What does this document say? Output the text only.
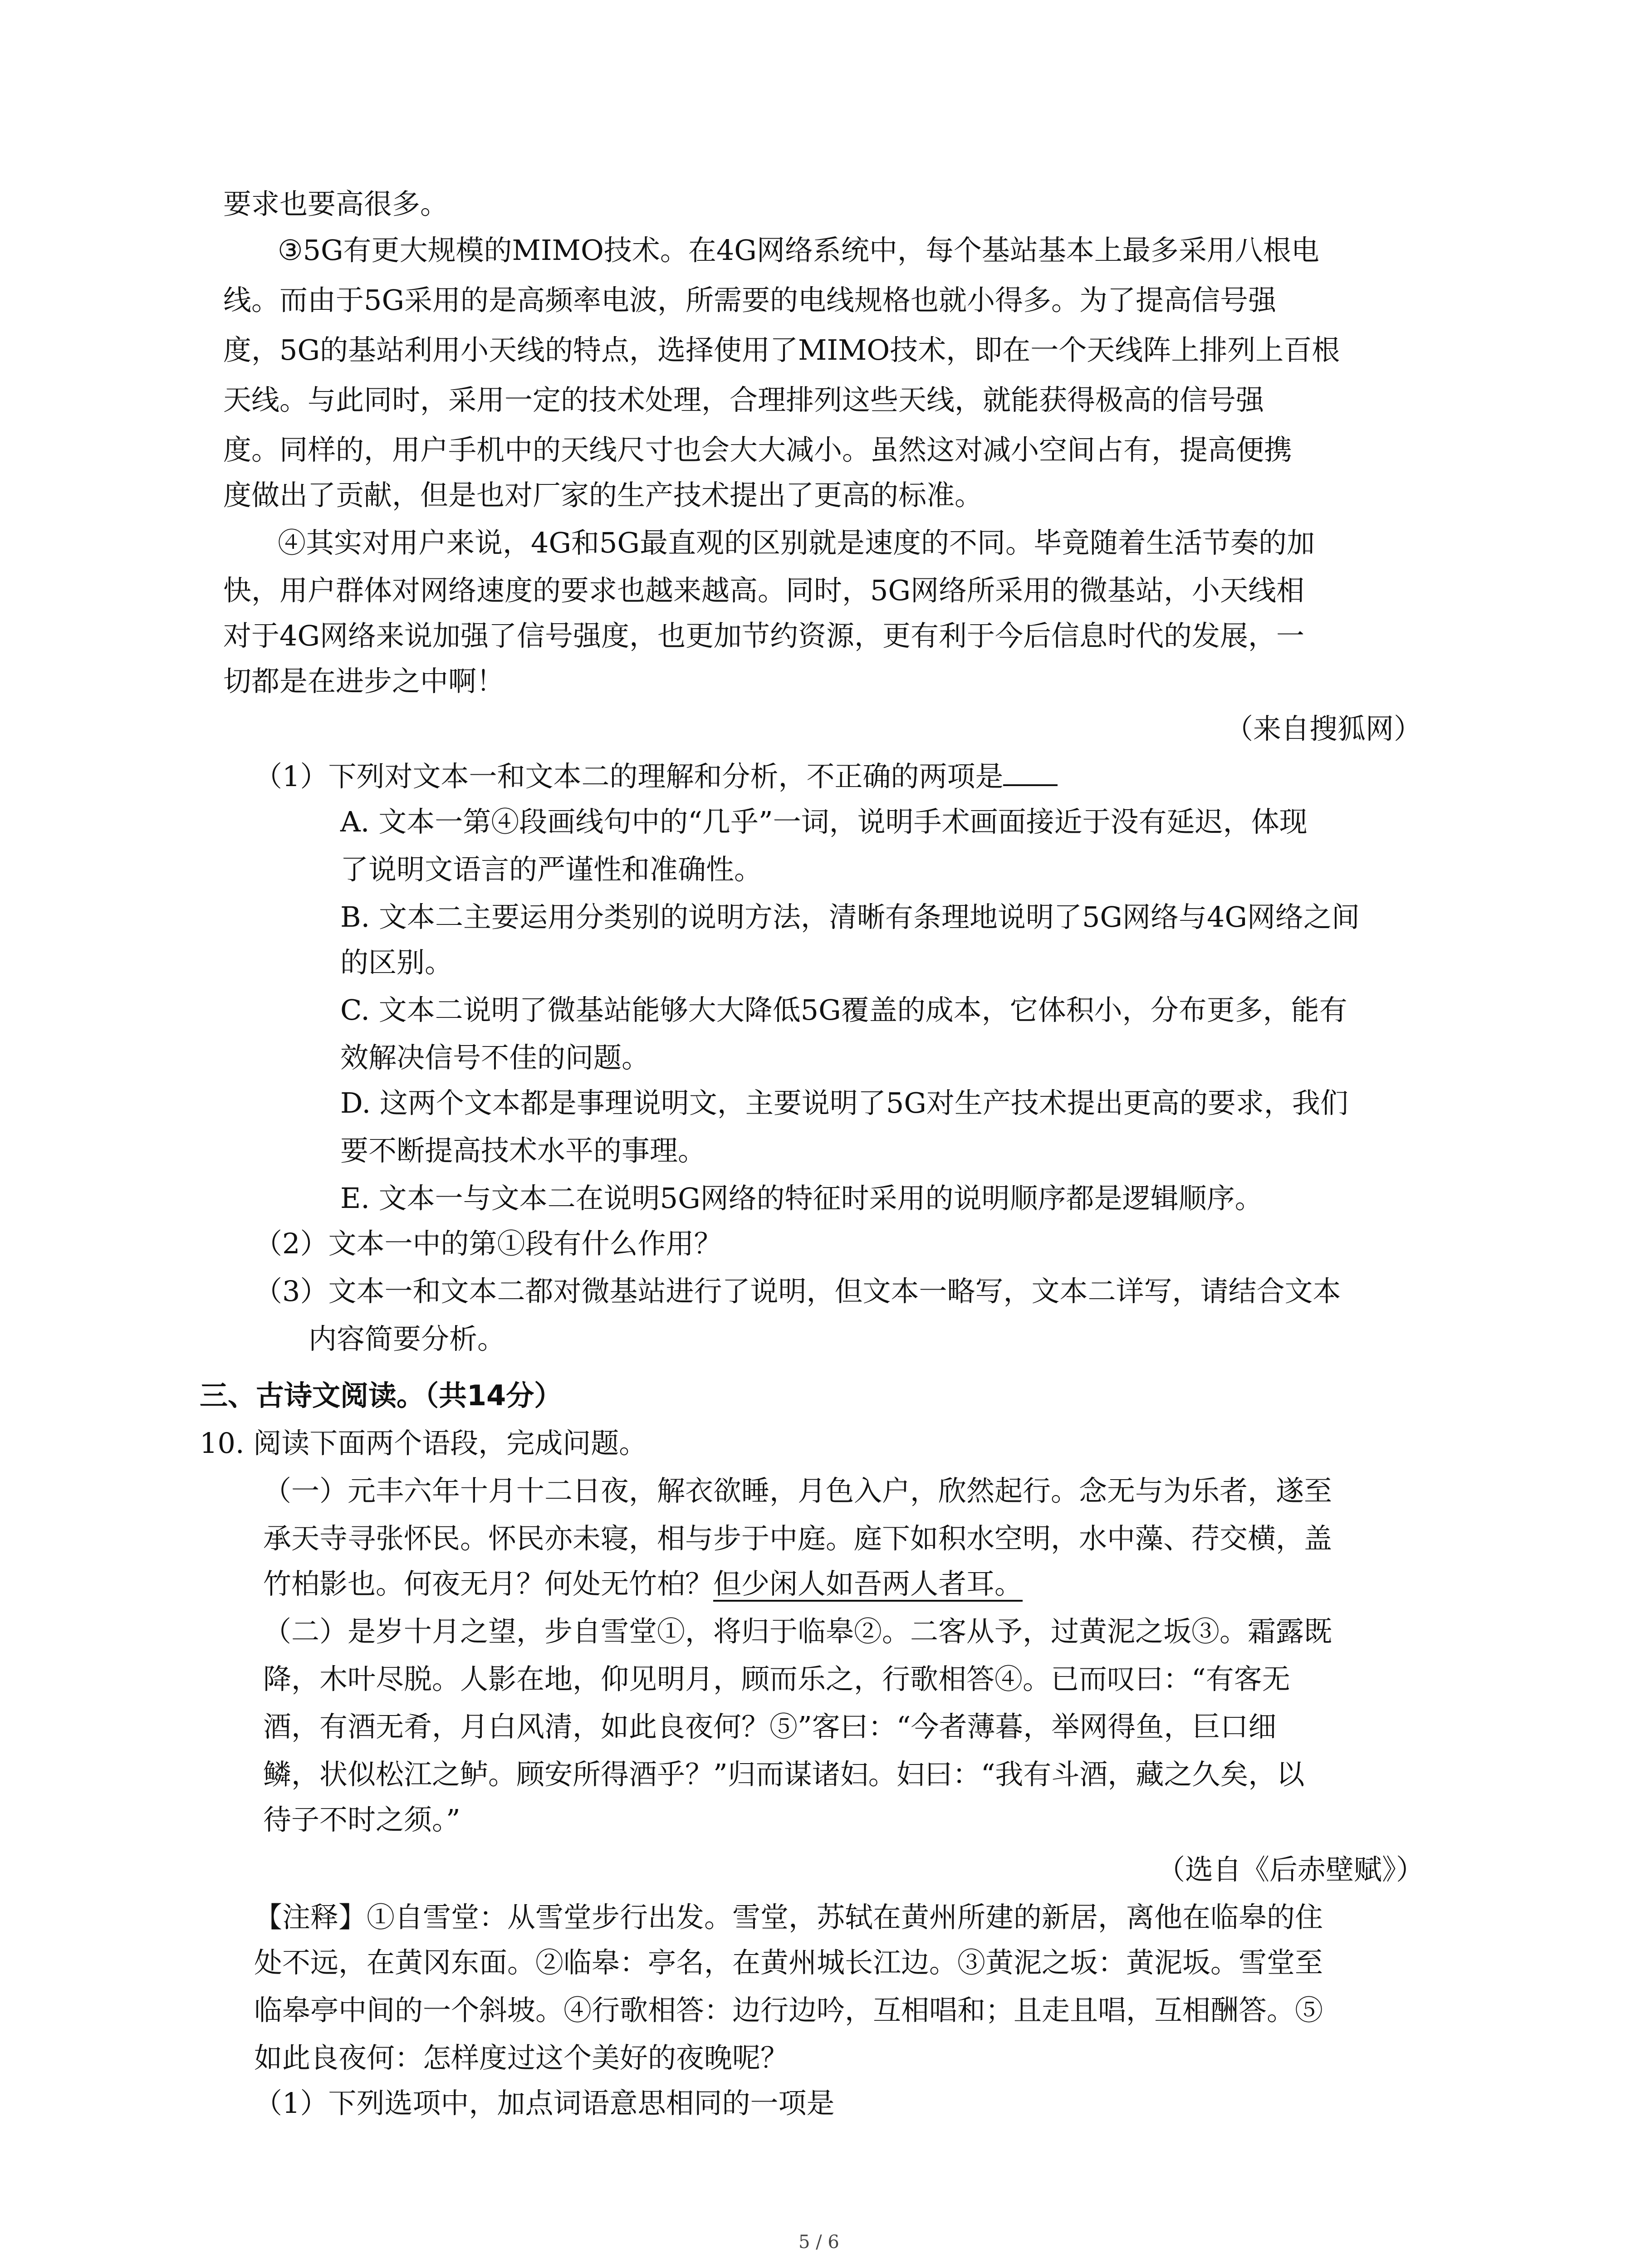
要求也要高很多。

③5G有更大规模的MIMO技术。在4G网络系统中，每个基站基本上最多采用八根电

线。而由于5G采用的是高频率电波，所需要的电线规格也就小得多。为了提高信号强

度，5G的基站利用小天线的特点，选择使用了MIMO技术，即在一个天线阵上排列上百根

天线。与此同时，采用一定的技术处理，合理排列这些天线，就能获得极高的信号强

度。同样的，用户手机中的天线尺寸也会大大减小。虽然这对减小空间占有，提高便携

度做出了贡献，但是也对厂家的生产技术提出了更高的标准。

④其实对用户来说，4G和5G最直观的区别就是速度的不同。毕竟随着生活节奏的加

快，用户群体对网络速度的要求也越来越高。同时，5G网络所采用的微基站，小天线相

对于4G网络来说加强了信号强度，也更加节约资源，更有利于今后信息时代的发展，一

切都是在进步之中啊！

（来自搜狐网）

（1）下列对文本一和文本二的理解和分析，不正确的两项是

A. 文本一第④段画线句中的“几乎”一词，说明手术画面接近于没有延迟，体现

了说明文语言的严谨性和准确性。

B. 文本二主要运用分类别的说明方法，清晰有条理地说明了5G网络与4G网络之间

的区别。

C. 文本二说明了微基站能够大大降低5G覆盖的成本，它体积小，分布更多，能有

效解决信号不佳的问题。

D. 这两个文本都是事理说明文，主要说明了5G对生产技术提出更高的要求，我们

要不断提高技术水平的事理。

E. 文本一与文本二在说明5G网络的特征时采用的说明顺序都是逻辑顺序。

（2）文本一中的第①段有什么作用？

（3）文本一和文本二都对微基站进行了说明，但文本一略写，文本二详写，请结合文本

内容简要分析。

三、古诗文阅读。（共14分）

10. 阅读下面两个语段，完成问题。

（一）元丰六年十月十二日夜，解衣欲睡，月色入户，欣然起行。念无与为乐者，遂至

承天寺寻张怀民。怀民亦未寝，相与步于中庭。庭下如积水空明，水中藻、荇交横，盖

竹柏影也。何夜无月？何处无竹柏？但少闲人如吾两人者耳。

（二）是岁十月之望，步自雪堂①，将归于临皋②。二客从予，过黄泥之坂③。霜露既

降，木叶尽脱。人影在地，仰见明月，顾而乐之，行歌相答④。已而叹曰：“有客无

酒，有酒无肴，月白风清，如此良夜何？⑤”客曰：“今者薄暮，举网得鱼，巨口细

鳞，状似松江之鲈。顾安所得酒乎？”归而谋诸妇。妇曰：“我有斗酒，藏之久矣，以

待子不时之须。”

（选自《后赤壁赋》）

【注释】①自雪堂：从雪堂步行出发。雪堂，苏轼在黄州所建的新居，离他在临皋的住

处不远，在黄冈东面。②临皋：亭名，在黄州城长江边。③黄泥之坂：黄泥坂。雪堂至

临皋亭中间的一个斜坡。④行歌相答：边行边吟，互相唱和；且走且唱，互相酬答。⑤

如此良夜何：怎样度过这个美好的夜晚呢？

（1）下列选项中，加点词语意思相同的一项是

5 / 6
